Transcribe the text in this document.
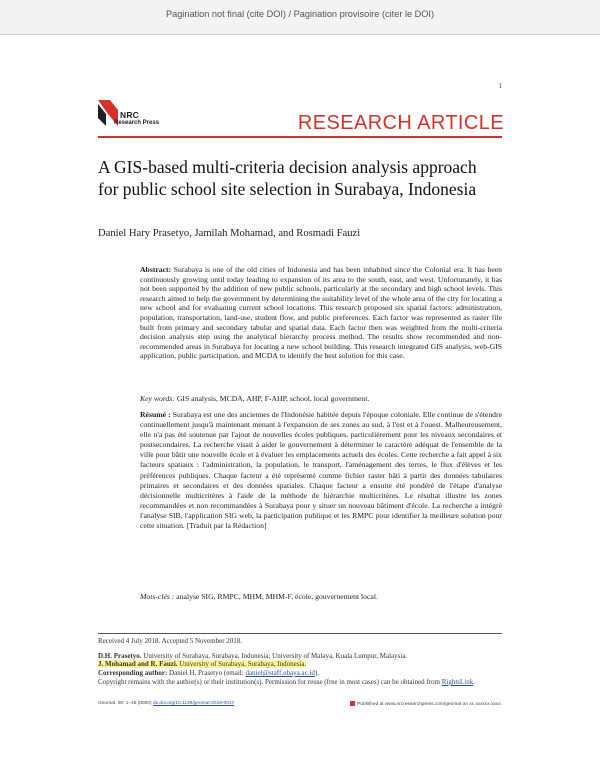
Pagination not final (cite DOI) / Pagination provisoire (citer le DOI)
1
NRC
Research Press	RESEARCH ARTICLE
A GIS-based multi-criteria decision analysis approach for public school site selection in Surabaya, Indonesia
Daniel Hary Prasetyo, Jamilah Mohamad, and Rosmadi Fauzi

Abstract: Surabaya is one of the old cities of Indonesia and has been inhabited since the Colonial era. It has been continuously growing until today leading to expansion of its area to the south, east, and west. Unfortunately, it has not been supported by the addition of new public schools, particularly at the secondary and high school levels. This research aimed to help the government by determining the suitability level of the whole area of the city for locating a new school and for evaluating current school locations. This research proposed six spatial factors: administration, population, transportation, land-use, student flow, and public preferences. Each factor was represented as raster file built from primary and secondary tabular and spatial data. Each factor then was weighted from the multi-criteria decision analysis step using the analytical hierarchy process method. The results show recommended and non-recommended areas in Surabaya for locating a new school building. This research integrated GIS analysis, web-GIS application, public participation, and MCDA to identify the best solution for this case.

Key words: GIS analysis, MCDA, AHP, F-AHP, school, local government.

Résumé : Surabaya est une des anciennes de l'Indonésie habitée depuis l'époque coloniale. Elle continue de s'étendre continuellement jusqu'à maintenant menant à l'expansion de ses zones au sud, à l'est et à l'ouest. Malheureusement, elle n'a pas été soutenue par l'ajout de nouvelles écoles publiques, particulièrement pour les niveaux secondaires et postsecondaires. La recherche visait à aider le gouvernement à déterminer le caractère adéquat de l'ensemble de la ville pour bâtir une nouvelle école et à évaluer les emplacements actuels des écoles. Cette recherche a fait appel à six facteurs spatiaux : l'administration, la population, le transport, l'aménagement des terres, le flux d'élèves et les préférences publiques. Chaque facteur a été représenté comme fichier raster bâti à partir des données tabulaires primaires et secondaires et des données spatiales. Chaque facteur a ensuite été pondéré de l'étape d'analyse décisionnelle multicritères à l'aide de la méthode de hiérarchie multicritères. Le résultat illustre les zones recommandées et non recommandées à Surabaya pour y situer un nouveau bâtiment d'école. La recherche a intégré l'analyse SIB, l'application SIG web, la participation publique et les RMPC pour identifier la meilleure solution pour cette situation. [Traduit par la Rédaction]

Mots-clés : analyse SIG, RMPC, MHM, MHM-F, école, gouvernement local.

Received 4 July 2018. Accepted 5 November 2018.

D.H. Prasetyo. University of Surabaya, Surabaya, Indonesia; University of Malaya, Kuala Lumpur, Malaysia.

J. Mohamad and R. Fauzi. University of Surabaya, Surabaya, Indonesia.

Corresponding author: Daniel H. Prasetyo (email: daniel@staff.ubaya.ac.id).

Copyright remains with the author(s) or their institution(s). Permission for reuse (free in most cases) can be obtained from RightsLink.

Geomat. 00: 1–16 (0000) dx.doi.org/10.1139/geomat-2018-0017	Published at www.nrcresearchpress.com/geomat on xx xxxxxx xxxx.
